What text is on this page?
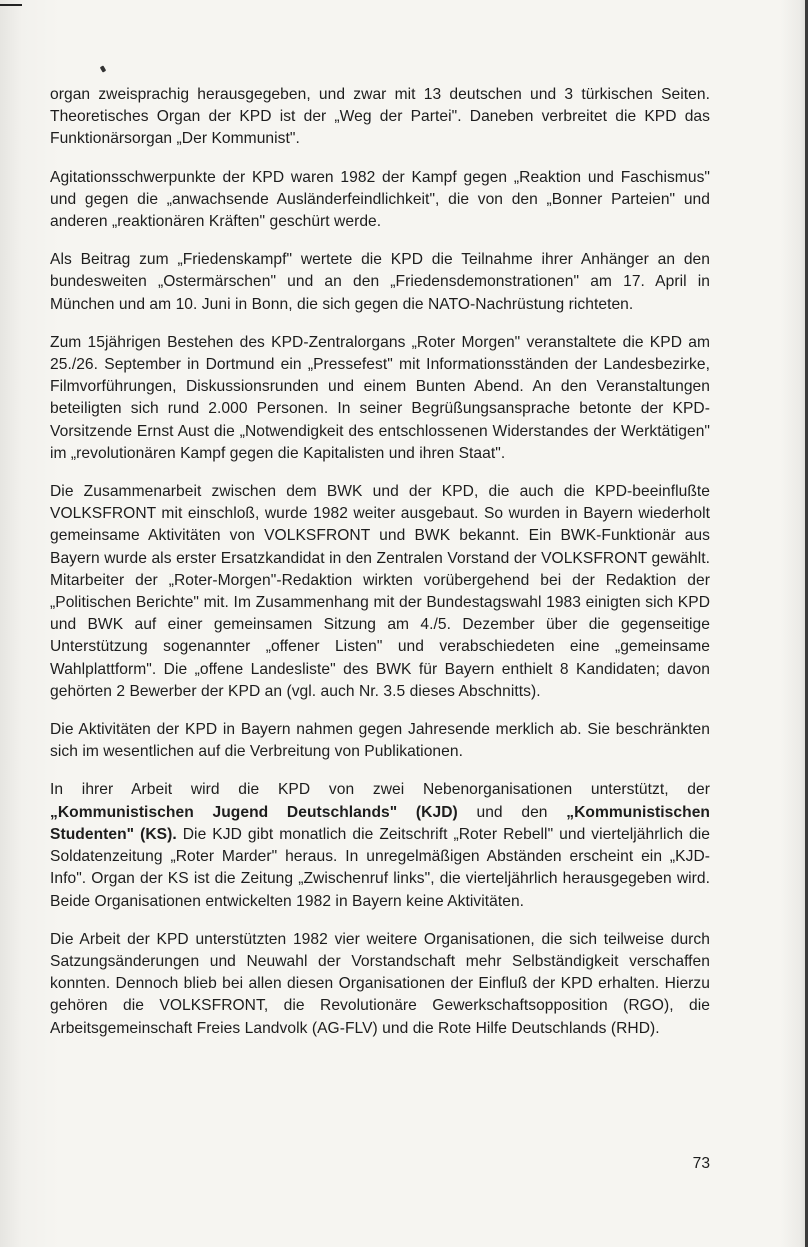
organ zweisprachig herausgegeben, und zwar mit 13 deutschen und 3 türkischen Seiten. Theoretisches Organ der KPD ist der „Weg der Partei". Daneben verbreitet die KPD das Funktionärsorgan „Der Kommunist".

Agitationsschwerpunkte der KPD waren 1982 der Kampf gegen „Reaktion und Faschismus" und gegen die „anwachsende Ausländerfeindlichkeit", die von den „Bonner Parteien" und anderen „reaktionären Kräften" geschürt werde.

Als Beitrag zum „Friedenskampf" wertete die KPD die Teilnahme ihrer Anhänger an den bundesweiten „Ostermärschen" und an den „Friedensdemonstrationen" am 17. April in München und am 10. Juni in Bonn, die sich gegen die NATO-Nachrüstung richteten.

Zum 15jährigen Bestehen des KPD-Zentralorgans „Roter Morgen" veranstaltete die KPD am 25./26. September in Dortmund ein „Pressefest" mit Informationsständen der Landesbezirke, Filmvorführungen, Diskussionsrunden und einem Bunten Abend. An den Veranstaltungen beteiligten sich rund 2.000 Personen. In seiner Begrüßungsansprache betonte der KPD-Vorsitzende Ernst Aust die „Notwendigkeit des entschlossenen Widerstandes der Werktätigen" im „revolutionären Kampf gegen die Kapitalisten und ihren Staat".

Die Zusammenarbeit zwischen dem BWK und der KPD, die auch die KPD-beeinflußte VOLKSFRONT mit einschloß, wurde 1982 weiter ausgebaut. So wurden in Bayern wiederholt gemeinsame Aktivitäten von VOLKSFRONT und BWK bekannt. Ein BWK-Funktionär aus Bayern wurde als erster Ersatzkandidat in den Zentralen Vorstand der VOLKSFRONT gewählt. Mitarbeiter der „Roter-Morgen"-Redaktion wirkten vorübergehend bei der Redaktion der „Politischen Berichte" mit. Im Zusammenhang mit der Bundestagswahl 1983 einigten sich KPD und BWK auf einer gemeinsamen Sitzung am 4./5. Dezember über die gegenseitige Unterstützung sogenannter „offener Listen" und verabschiedeten eine „gemeinsame Wahlplattform". Die „offene Landesliste" des BWK für Bayern enthielt 8 Kandidaten; davon gehörten 2 Bewerber der KPD an (vgl. auch Nr. 3.5 dieses Abschnitts).

Die Aktivitäten der KPD in Bayern nahmen gegen Jahresende merklich ab. Sie beschränkten sich im wesentlichen auf die Verbreitung von Publikationen.

In ihrer Arbeit wird die KPD von zwei Nebenorganisationen unterstützt, der „Kommunistischen Jugend Deutschlands" (KJD) und den „Kommunistischen Studenten" (KS). Die KJD gibt monatlich die Zeitschrift „Roter Rebell" und vierteljährlich die Soldatenzeitung „Roter Marder" heraus. In unregelmäßigen Abständen erscheint ein „KJD-Info". Organ der KS ist die Zeitung „Zwischenruf links", die vierteljährlich herausgegeben wird. Beide Organisationen entwickelten 1982 in Bayern keine Aktivitäten.

Die Arbeit der KPD unterstützten 1982 vier weitere Organisationen, die sich teilweise durch Satzungsänderungen und Neuwahl der Vorstandschaft mehr Selbständigkeit verschaffen konnten. Dennoch blieb bei allen diesen Organisationen der Einfluß der KPD erhalten. Hierzu gehören die VOLKSFRONT, die Revolutionäre Gewerkschaftsopposition (RGO), die Arbeitsgemeinschaft Freies Landvolk (AG-FLV) und die Rote Hilfe Deutschlands (RHD).

73
